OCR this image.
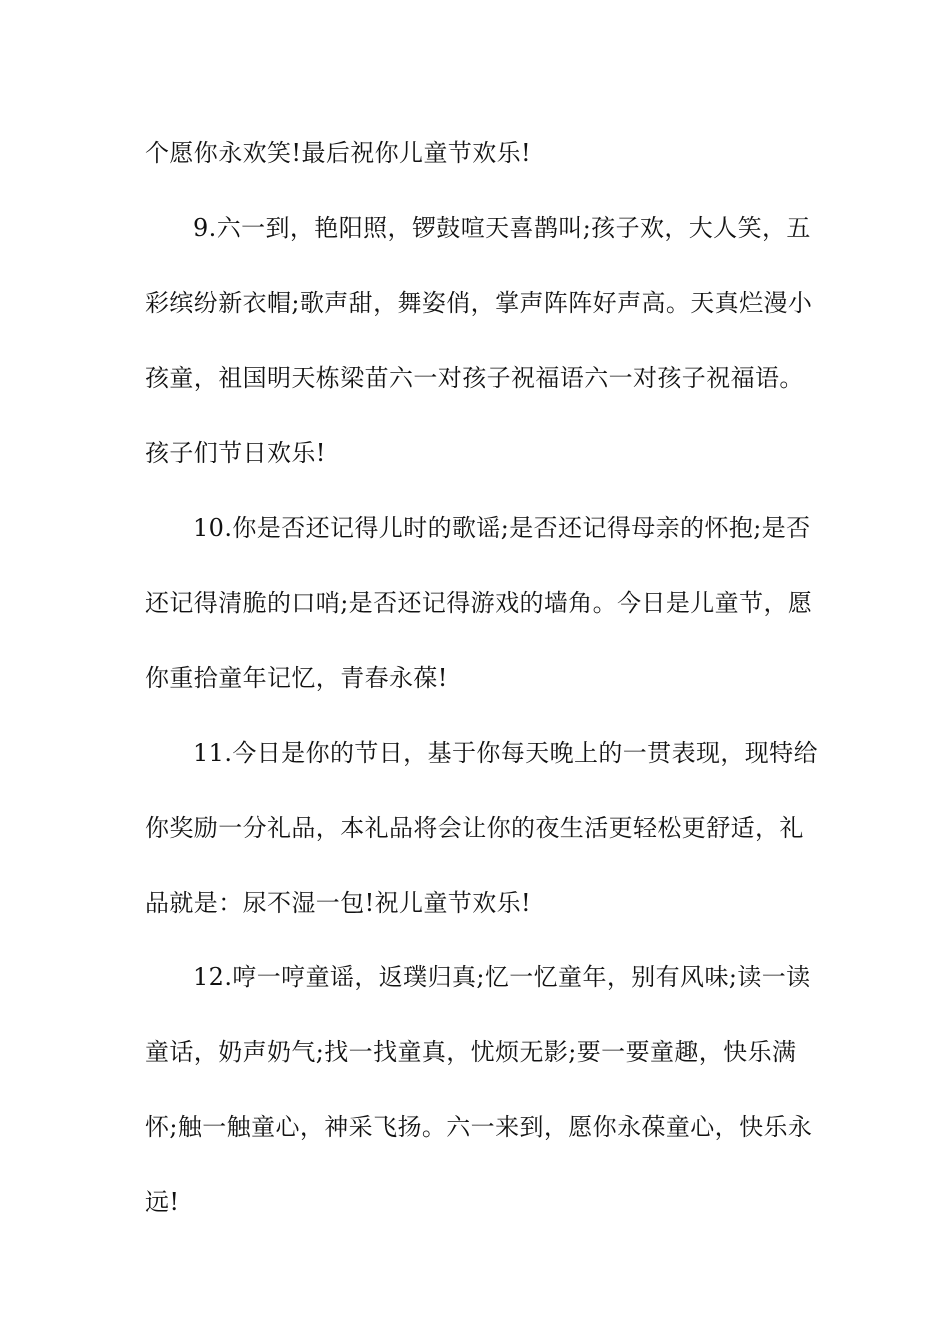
个愿你永欢笑!最后祝你儿童节欢乐!
9.六一到，艳阳照，锣鼓喧天喜鹊叫;孩子欢，大人笑，五
彩缤纷新衣帽;歌声甜，舞姿俏，掌声阵阵好声高。天真烂漫小
孩童，祖国明天栋梁苗六一对孩子祝福语六一对孩子祝福语。
孩子们节日欢乐!
10.你是否还记得儿时的歌谣;是否还记得母亲的怀抱;是否
还记得清脆的口哨;是否还记得游戏的墙角。今日是儿童节，愿
你重拾童年记忆，青春永葆!
11.今日是你的节日，基于你每天晚上的一贯表现，现特给
你奖励一分礼品，本礼品将会让你的夜生活更轻松更舒适，礼
品就是：尿不湿一包!祝儿童节欢乐!
12.哼一哼童谣，返璞归真;忆一忆童年，别有风味;读一读
童话，奶声奶气;找一找童真，忧烦无影;要一要童趣，快乐满
怀;触一触童心，神采飞扬。六一来到，愿你永葆童心，快乐永
远!
